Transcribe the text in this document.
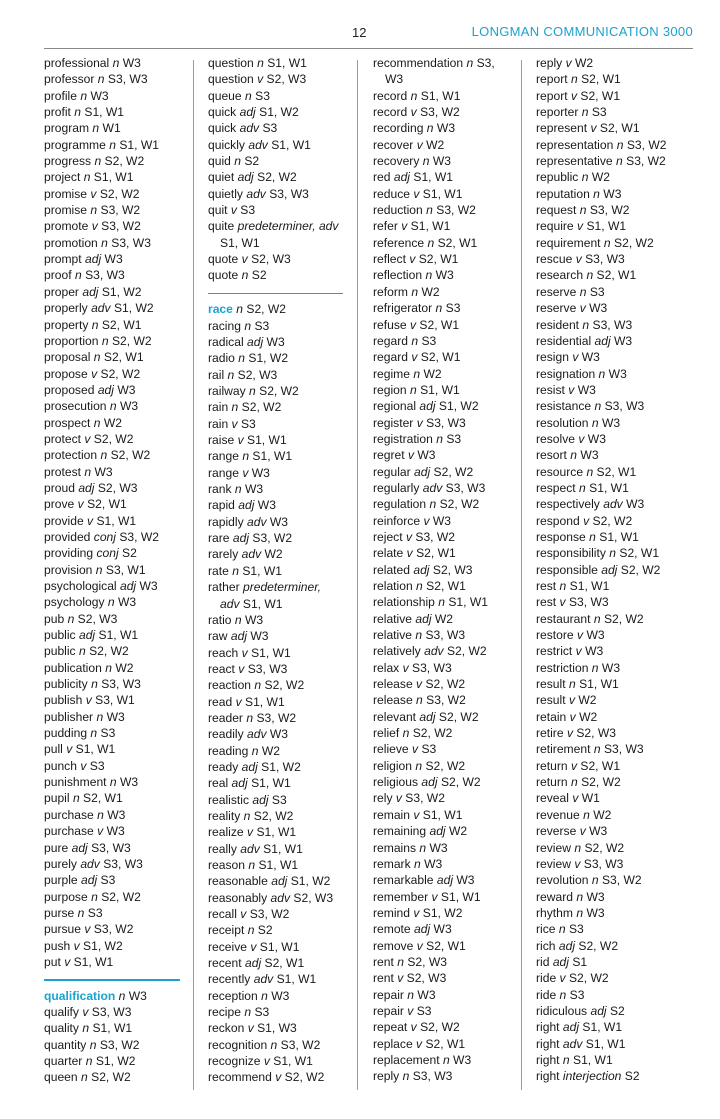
12	LONGMAN COMMUNICATION 3000
professional n W3
professor n S3, W3
profile n W3
profit n S1, W1
program n W1
programme n S1, W1
progress n S2, W2
project n S1, W1
promise v S2, W2
promise n S3, W2
promote v S3, W2
promotion n S3, W3
prompt adj W3
proof n S3, W3
proper adj S1, W2
properly adv S1, W2
property n S2, W1
proportion n S2, W2
proposal n S2, W1
propose v S2, W2
proposed adj W3
prosecution n W3
prospect n W2
protect v S2, W2
protection n S2, W2
protest n W3
proud adj S2, W3
prove v S2, W1
provide v S1, W1
provided conj S3, W2
providing conj S2
provision n S3, W1
psychological adj W3
psychology n W3
pub n S2, W3
public adj S1, W1
public n S2, W2
publication n W2
publicity n S3, W3
publish v S3, W1
publisher n W3
pudding n S3
pull v S1, W1
punch v S3
punishment n W3
pupil n S2, W1
purchase n W3
purchase v W3
pure adj S3, W3
purely adv S3, W3
purple adj S3
purpose n S2, W2
purse n S3
pursue v S3, W2
push v S1, W2
put v S1, W1
qualification n W3
qualify v S3, W3
quality n S1, W1
quantity n S3, W2
quarter n S1, W2
queen n S2, W2
question n S1, W1
question v S2, W3
queue n S3
quick adj S1, W2
quick adv S3
quickly adv S1, W1
quid n S2
quiet adj S2, W2
quietly adv S3, W3
quit v S3
quite predeterminer, adv S1, W1
quote v S2, W3
quote n S2
race n S2, W2
racing n S3
radical adj W3
radio n S1, W2
rail n S2, W3
railway n S2, W2
rain n S2, W2
rain v S3
raise v S1, W1
range n S1, W1
range v W3
rank n W3
rapid adj W3
rapidly adv W3
rare adj S3, W2
rarely adv W2
rate n S1, W1
rather predeterminer, adv S1, W1
ratio n W3
raw adj W3
reach v S1, W1
react v S3, W3
reaction n S2, W2
read v S1, W1
reader n S3, W2
readily adv W3
reading n W2
ready adj S1, W2
real adj S1, W1
realistic adj S3
reality n S2, W2
realize v S1, W1
really adv S1, W1
reason n S1, W1
reasonable adj S1, W2
reasonably adv S2, W3
recall v S3, W2
receipt n S2
receive v S1, W1
recent adj S2, W1
recently adv S1, W1
reception n W3
recipe n S3
reckon v S1, W3
recognition n S3, W2
recognize v S1, W1
recommend v S2, W2
recommendation n S3, W3
record n S1, W1
record v S3, W2
recording n W3
recover v W2
recovery n W3
red adj S1, W1
reduce v S1, W1
reduction n S3, W2
refer v S1, W1
reference n S2, W1
reflect v S2, W1
reflection n W3
reform n W2
refrigerator n S3
refuse v S2, W1
regard n S3
regard v S2, W1
regime n W2
region n S1, W1
regional adj S1, W2
register v S3, W3
registration n S3
regret v W3
regular adj S2, W2
regularly adv S3, W3
regulation n S2, W2
reinforce v W3
reject v S3, W2
relate v S2, W1
related adj S2, W3
relation n S2, W1
relationship n S1, W1
relative adj W2
relative n S3, W3
relatively adv S2, W2
relax v S3, W3
release v S2, W2
release n S3, W2
relevant adj S2, W2
relief n S2, W2
relieve v S3
religion n S2, W2
religious adj S2, W2
rely v S3, W2
remain v S1, W1
remaining adj W2
remains n W3
remark n W3
remarkable adj W3
remember v S1, W1
remind v S1, W2
remote adj W3
remove v S2, W1
rent n S2, W3
rent v S2, W3
repair n W3
repair v S3
repeat v S2, W2
replace v S2, W1
replacement n W3
reply n S3, W3
reply v W2
report n S2, W1
report v S2, W1
reporter n S3
represent v S2, W1
representation n S3, W2
representative n S3, W2
republic n W2
reputation n W3
request n S3, W2
require v S1, W1
requirement n S2, W2
rescue v S3, W3
research n S2, W1
reserve n S3
reserve v W3
resident n S3, W3
residential adj W3
resign v W3
resignation n W3
resist v W3
resistance n S3, W3
resolution n W3
resolve v W3
resort n W3
resource n S2, W1
respect n S1, W1
respectively adv W3
respond v S2, W2
response n S1, W1
responsibility n S2, W1
responsible adj S2, W2
rest n S1, W1
rest v S3, W3
restaurant n S2, W2
restore v W3
restrict v W3
restriction n W3
result n S1, W1
result v W2
retain v W2
retire v S2, W3
retirement n S3, W3
return v S2, W1
return n S2, W2
reveal v W1
revenue n W2
reverse v W3
review n S2, W2
review v S3, W3
revolution n S3, W2
reward n W3
rhythm n W3
rice n S3
rich adj S2, W2
rid adj S1
ride v S2, W2
ride n S3
ridiculous adj S2
right adj S1, W1
right adv S1, W1
right n S1, W1
right interjection S2
